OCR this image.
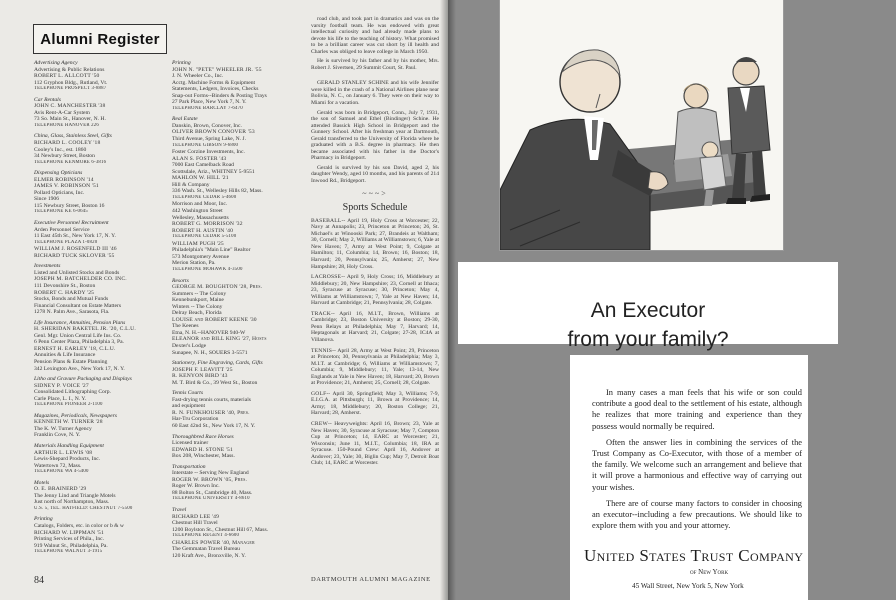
Alumni Register
Advertising Agency
Advertising & Public Relations
ROBERT L. ALLCOTT '50
112 Gryphon Bldg., Rutland, Vt.
TELEPHONE PROSPECT 3-8887
Car Rentals
JOHN C. MANCHESTER '38
Avis Rent-A-Car System
73 So. Main St., Hanover, N. H.
TELEPHONE HANOVER 226
China, Glass, Stainless Steel, Gifts
RICHARD L. COOLEY '18
Cooley's Inc., est. 1860
34 Newbury Street, Boston
TELEPHONE KENMORE 6-3816
Dispensing Opticians
ELMER ROBINSON '14
JAMES V. ROBINSON '51
Pollard Opticians, Inc.
Since 1906
115 Newbury Street, Boston 16
TELEPHONE KE 6-0645
Executive Personnel Recruitment
Arden Personnel Service
11 East 45th St., New York 17, N. Y.
TELEPHONE PLAZA 1-0820
WILLIAM J. ROSENFELD III '46
RICHARD TUCK SKLOVER '55
Investments
Listed and Unlisted Stocks and Bonds
JOSEPH M. BATCHELDER CO. INC.
111 Devonshire St., Boston
ROBERT C. HARDY '25
Stocks, Bonds and Mutual Funds
Financial Consultant on Estate Matters
1278 N. Palm Ave., Sarasota, Fla.
Life Insurance, Annuities, Pension Plans
H. SHERIDAN BAKETEL JR. '20, C.L.U.
Genl. Mgr. Union Central Life Ins. Co.
6 Penn Center Plaza, Philadelphia 3, Pa.
ERNEST H. EARLEY '18, C.L.U.
Annuities & Life Insurance
Pension Plans & Estate Planning
342 Lexington Ave., New York 17, N. Y.
Litho and Gravure Packaging and Displays
SIDNEY P. VOICE '27
Consolidated Lithographing Corp.
Carle Place, L. I., N. Y.
TELEPHONE PIONEER 2-1100
Magazines, Periodicals, Newspapers
KENNETH W. TURNER '28
The K. W. Turner Agency
Franklin Cove, N. Y.
Materials Handling Equipment
ARTHUR L. LEWIS '08
Lewis-Shepard Products, Inc.
Watertown 72, Mass.
TELEPHONE WA 4-5400
Motels
O. E. BRAINERD '29
The Jenny Lind and Triangle Motels
Just north of Northampton, Mass.
U.S. 5, TEL. HATFIELD: CHESTNUT 7-5500
Printing
Catalogs, Folders, etc. in color or b & w
RICHARD W. LIPPMAN '51
Printing Services of Phila., Inc.
919 Walnut St., Philadelphia, Pa.
TELEPHONE WALNUT 3-1915
Printing
JOHN N. "PETE" WHEELER JR. '55
J. N. Wheeler Co., Inc.
Acctg. Machine Forms & Equipment
Statements, Ledgers, Invoices, Checks
Snap-out Forms--Binders & Posting Trays
27 Park Place, New York 7, N. Y.
TELEPHONE BARCLAY 7-6470
Real Estate
Danskin, Brown, Conover, Inc.
OLIVER BROWN CONOVER '53
Third Avenue, Spring Lake, N. J.
TELEPHONE GIBSON 9-6800
Foster Corzine Investments, Inc.
ALAN S. FOSTER '43
7000 East Camelback Road
Scottsdale, Ariz., WHITNEY 5-9551
MAHLON W. HILL '21
Hill & Company
336 Wash. St., Wellesley Hills 82, Mass.
TELEPHONE CEDAR 5-4600
Morrison and Moor, Inc.
442 Washington Street
Wellesley, Massachusetts
ROBERT G. MORRISON '32
ROBERT H. AUSTIN '40
TELEPHONE CEDAR 5-5100
WILLIAM PUGH '25
Philadelphia's "Main Line" Realtor
573 Montgomery Avenue
Merion Station, Pa.
TELEPHONE MOHAWK 4-3500
Resorts
GEORGE M. BOUGHTON '28, Pres.
Summers -- The Colony
Kennebunkport, Maine
Winters -- The Colony
Delray Beach, Florida
LOUISE and ROBERT KEENE '30
The Keenes
Etna, N. H.--HANOVER 940-W
ELEANOR and BILL KING '27, Hosts
Dexter's Lodge
Sunapee, N. H., SOUERS 3-5571
Stationery, Fine Engraving, Cards, Gifts
JOSEPH F. LEAVITT '25
R. KENYON BIRD '43
M. T. Bird & Co., 39 West St., Boston
Tennis Courts
Fast-drying tennis courts, materials
and equipment
R. N. FUNKHOUSER '40, Pres.
Har-Tru Corporation
60 East 42nd St., New York 17, N. Y.
Thoroughbred Race Horses
Licensed trainer
EDWARD H. STONE '51
Box 208, Winchester, Mass.
Transportation
Interstate -- Serving New England
ROGER W. BROWN '05, Pres.
Roger W. Brown Inc.
88 Bolton St., Cambridge 40, Mass.
TELEPHONE UNIVERSITY 4-8610
Travel
RICHARD LEE '49
Chestnut Hill Travel
1200 Boylston St., Chestnut Hill 67, Mass.
TELEPHONE REGENT 4-6600
CHARLES POWER '40, Manager
The Gemmatan Travel Bureau
120 Kraft Ave., Bronxville, N. Y.
road club, and took part in dramatics and was on the varsity football team. He was endowed with great intellectual curiosity and had already made plans to devote his life to the teaching of history. What promised to be a brilliant career was cut short by ill health and Charles was obliged to leave college in March 1950.
He is survived by his father and by his mother, Mrs. Robert J. Sivertsen, 29 Summit Court, St. Paul.
GERALD STANLEY SCHINE and his wife Jennifer were killed in the crash of a National Airlines plane near Bolivia, N. C., on January 6. They were on their way to Miami for a vacation.
Gerald was born in Bridgeport, Conn., July 7, 1931, the son of Samuel and Ethel (Bindinger) Schine. He attended Bassick High School in Bridgeport and the Gunnery School. After his freshman year at Dartmouth, Gerald transferred to the University of Florida where he graduated with a B.S. degree in pharmacy. He then became associated with his father in the Doctor's Pharmacy in Bridgeport.
Gerald is survived by his son David, aged 2, his daughter Wendy, aged 10 months, and his parents of 214 Inwood Rd., Bridgeport.
~~~>
Sports Schedule
BASEBALL-- April 19, Holy Cross at Worcester; 22, Navy at Annapolis; 23, Princeton at Princeton; 26, St. Michael's at Winooski Park; 27, Brandeis at Waltham; 30, Cornell; May 2, Williams at Williamstown; 6, Yale at New Haven; 7, Army at West Point; 9, Colgate at Hamilton; 11, Columbia; 14, Brown; 16, Boston; 18, Harvard; 20, Pennsylvania; 25, Amherst; 27, New Hampshire; 28, Holy Cross.
LACROSSE-- April 9, Holy Cross; 16, Middlebury at Middlebury; 20, New Hampshire; 23, Cornell at Ithaca; 23, Syracuse at Syracuse; 30, Princeton; May 4, Williams at Williamstown; 7, Yale at New Haven; 14, Harvard at Cambridge; 21, Pennsylvania; 28, Colgate.
TRACK-- April 16, M.I.T., Brown, Williams at Cambridge; 23, Boston University at Boston; 29-30, Penn Relays at Philadelphia; May 7, Harvard; 14, Heptagonals at Harvard; 21, Colgate; 27-28, IC4A at Villanova.
TENNIS-- April 28, Army at West Point; 29, Princeton at Princeton; 30, Pennsylvania at Philadelphia; May 3, M.I.T. at Cambridge; 6, Williams at Williamstown; 7, Columbia; 9, Middlebury; 11, Yale; 13-14, New Englands at Yale in New Haven; 18, Harvard; 20, Brown at Providence; 21, Amherst; 25, Cornell; 28, Colgate.
GOLF-- April 30, Springfield; May 3, Williams; 7-9, E.I.G.A. at Pittsburgh; 11, Brown at Providence; 14, Army; 18, Middlebury; 20, Boston College; 21, Harvard; 28, Amherst.
CREW-- Heavyweights: April 16, Brown; 23, Yale at New Haven; 30, Syracuse at Syracuse; May 7, Compton Cup at Princeton; 14, EARC at Worcester; 21, Wisconsin; June 11, M.I.T., Columbia; 18, IRA at Syracuse. 150-Pound Crew: April 16, Andover at Andover; 23, Yale; 30, Biglin Cup; May 7, Detroit Boat Club; 14, EARC at Worcester.
84	DARTMOUTH ALUMNI MAGAZINE
An Executor
from your family?
In many cases a man feels that his wife or son could contribute a good deal to the settlement of his estate, although he realizes that more training and experience than they possess would normally be required.
Often the answer lies in combining the services of the Trust Company as Co-Executor, with those of a member of the family. We welcome such an arrangement and believe that it will prove a harmonious and effective way of carrying out your wishes.
There are of course many factors to consider in choosing an executor--including a few precautions. We should like to explore them with you and your attorney.
United States Trust Company
of New York
45 Wall Street, New York 5, New York
